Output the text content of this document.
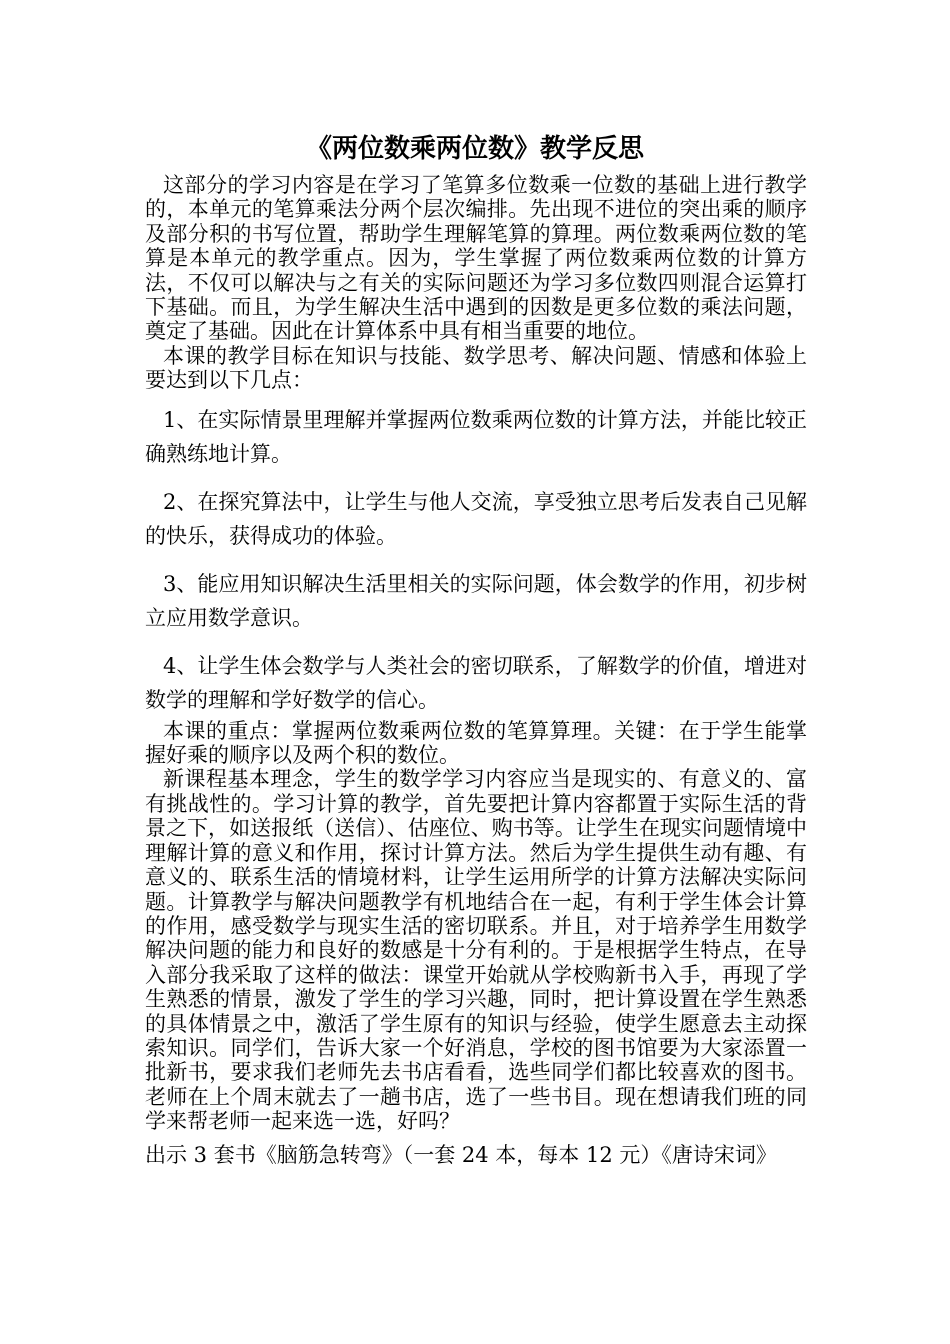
《两位数乘两位数》教学反思

这部分的学习内容是在学习了笔算多位数乘一位数的基础上进行教学的，本单元的笔算乘法分两个层次编排。先出现不进位的突出乘的顺序及部分积的书写位置，帮助学生理解笔算的算理。两位数乘两位数的笔算是本单元的教学重点。因为，学生掌握了两位数乘两位数的计算方法，不仅可以解决与之有关的实际问题还为学习多位数四则混合运算打下基础。而且，为学生解决生活中遇到的因数是更多位数的乘法问题，奠定了基础。因此在计算体系中具有相当重要的地位。

本课的教学目标在知识与技能、数学思考、解决问题、情感和体验上要达到以下几点：

1、在实际情景里理解并掌握两位数乘两位数的计算方法，并能比较正确熟练地计算。

2、在探究算法中，让学生与他人交流，享受独立思考后发表自己见解的快乐，获得成功的体验。

3、能应用知识解决生活里相关的实际问题，体会数学的作用，初步树立应用数学意识。

4、让学生体会数学与人类社会的密切联系，了解数学的价值，增进对数学的理解和学好数学的信心。

本课的重点：掌握两位数乘两位数的笔算算理。关键：在于学生能掌握好乘的顺序以及两个积的数位。

新课程基本理念，学生的数学学习内容应当是现实的、有意义的、富有挑战性的。学习计算的教学，首先要把计算内容都置于实际生活的背景之下，如送报纸（送信）、估座位、购书等。让学生在现实问题情境中理解计算的意义和作用，探讨计算方法。然后为学生提供生动有趣、有意义的、联系生活的情境材料，让学生运用所学的计算方法解决实际问题。计算教学与解决问题教学有机地结合在一起，有利于学生体会计算的作用，感受数学与现实生活的密切联系。并且，对于培养学生用数学解决问题的能力和良好的数感是十分有利的。于是根据学生特点，在导入部分我采取了这样的做法：课堂开始就从学校购新书入手，再现了学生熟悉的情景，激发了学生的学习兴趣，同时，把计算设置在学生熟悉的具体情景之中，激活了学生原有的知识与经验，使学生愿意去主动探索知识。同学们，告诉大家一个好消息，学校的图书馆要为大家添置一批新书，要求我们老师先去书店看看，选些同学们都比较喜欢的图书。老师在上个周末就去了一趟书店，选了一些书目。现在想请我们班的同学来帮老师一起来选一选，好吗？

出示 3 套书《脑筋急转弯》（一套 24 本，每本 12 元）《唐诗宋词》
